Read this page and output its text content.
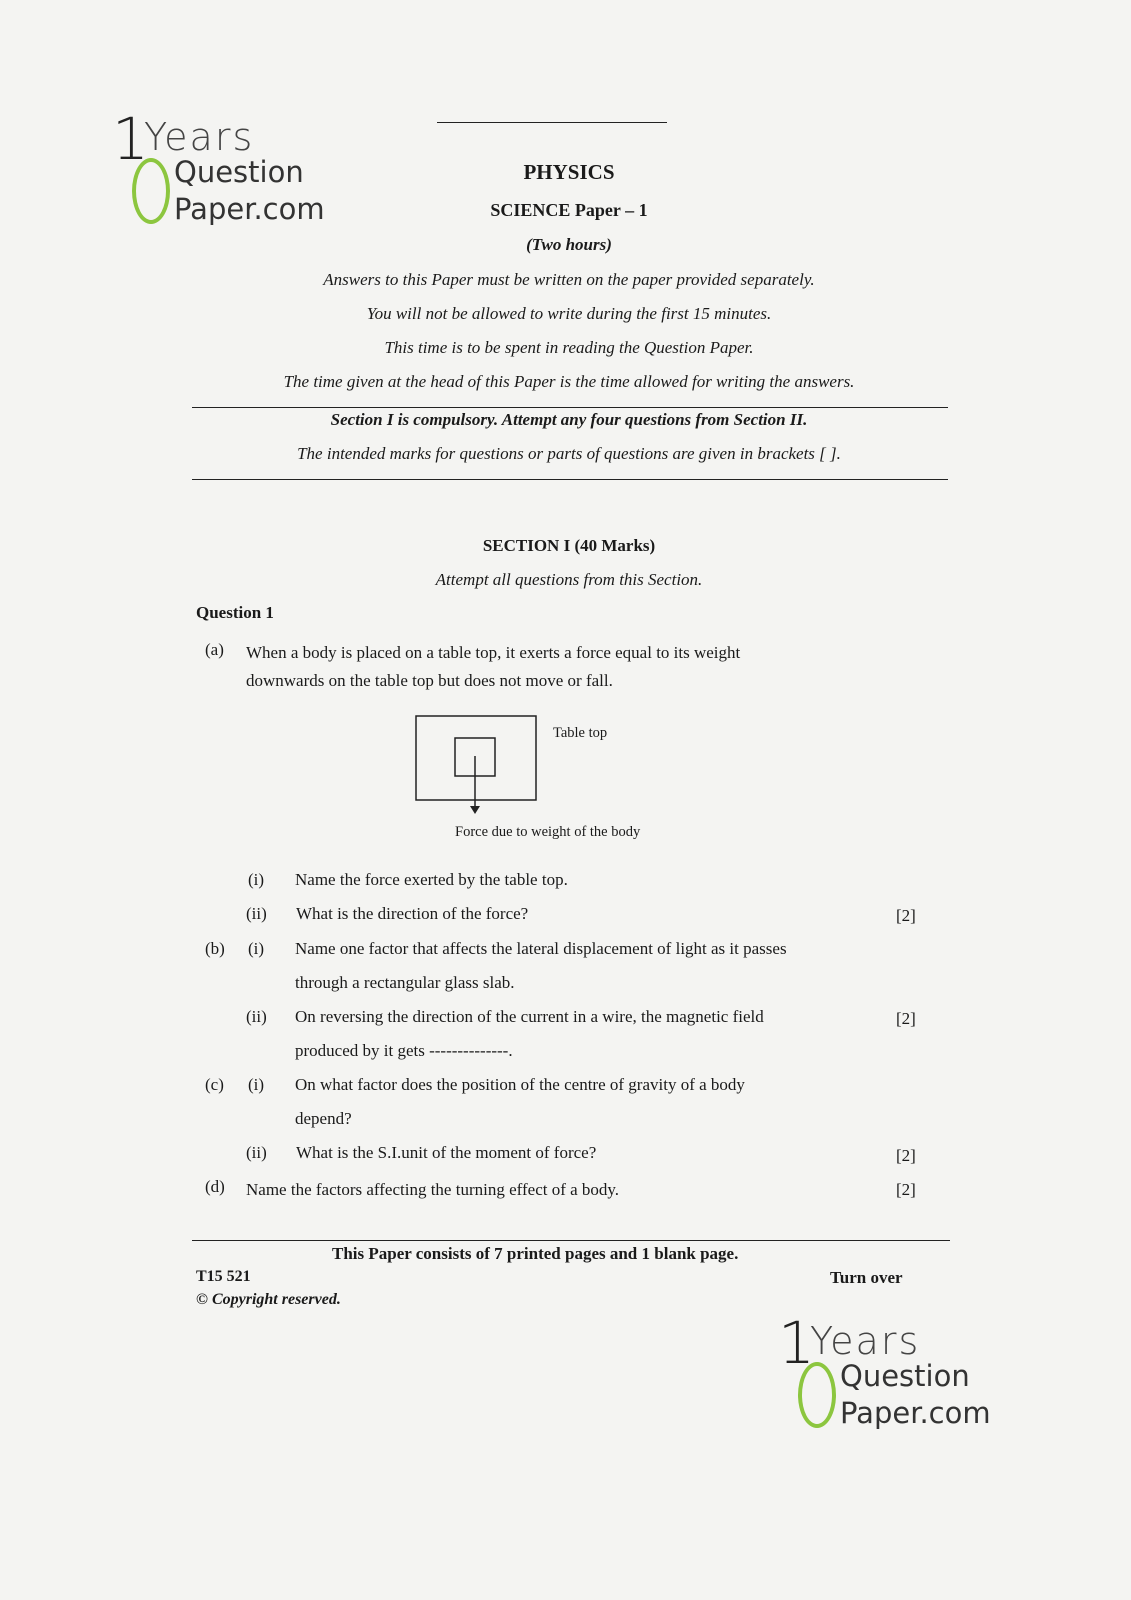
1
Years
Question
Paper.com
PHYSICS
SCIENCE Paper – 1
(Two hours)
Answers to this Paper must be written on the paper provided separately.
You will not be allowed to write during the first 15 minutes.
This time is to be spent in reading the Question Paper.
The time given at the head of this Paper is the time allowed for writing the answers.
Section I is compulsory. Attempt any four questions from Section II.
The intended marks for questions or parts of questions are given in brackets [ ].
SECTION I (40 Marks)
Attempt all questions from this Section.
Question 1
(a) When a body is placed on a table top, it exerts a force equal to its weight
downwards on the table top but does not move or fall.
Table top
Force due to weight of the body
(i) Name the force exerted by the table top.
(ii) What is the direction of the force?	[2]
(b) (i) Name one factor that affects the lateral displacement of light as it passes
through a rectangular glass slab.
(ii) On reversing the direction of the current in a wire, the magnetic field	[2]
produced by it gets --------------.
(c) (i) On what factor does the position of the centre of gravity of a body
depend?
(ii) What is the S.I.unit of the moment of force?	[2]
(d) Name the factors affecting the turning effect of a body.	[2]
This Paper consists of 7 printed pages and 1 blank page.
T15 521	Turn over
© Copyright reserved.
1
Years
Question
Paper.com
